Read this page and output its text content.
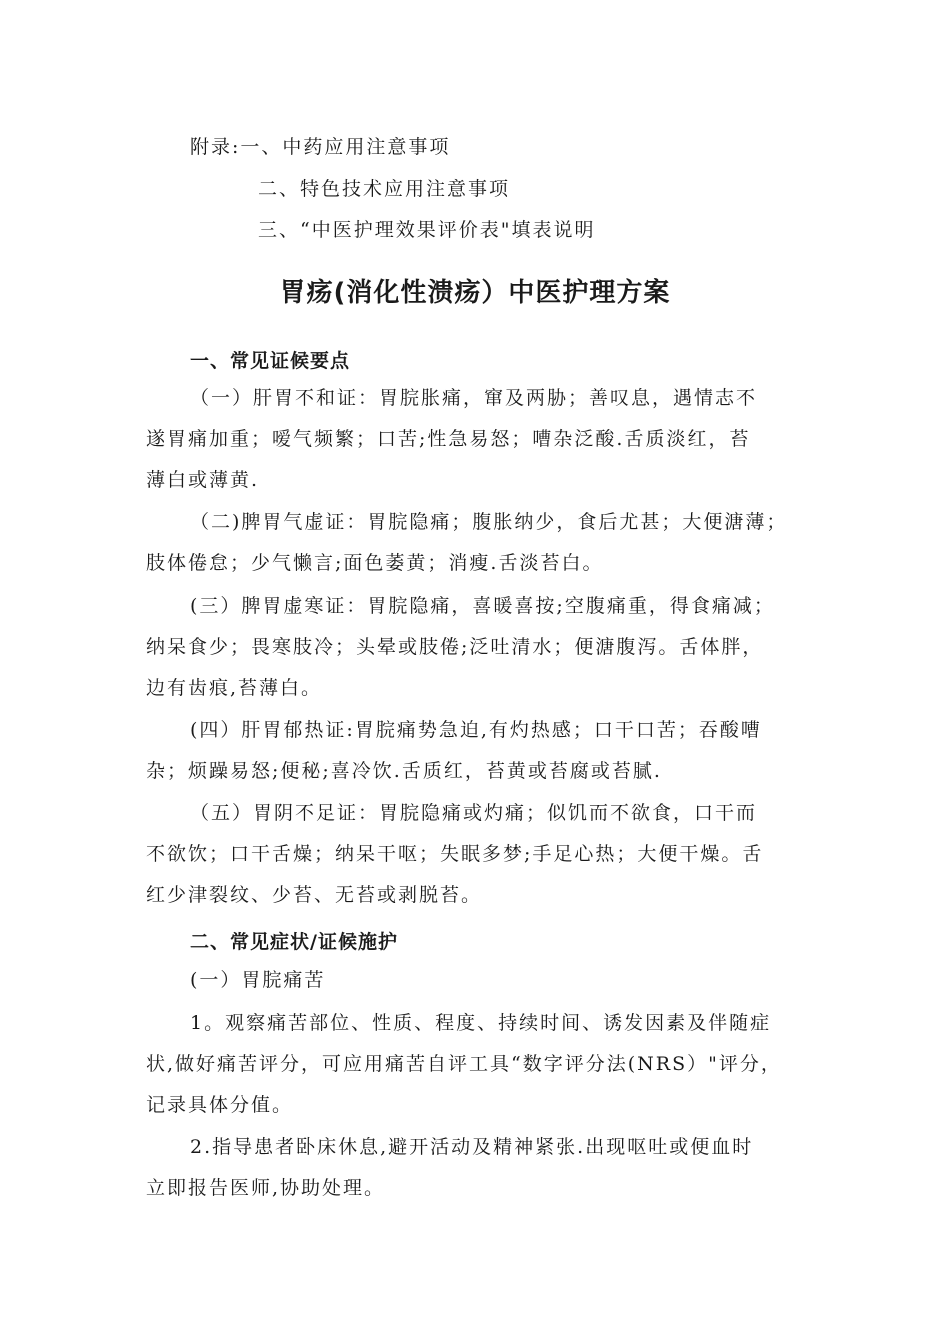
附录:一、中药应用注意事项
二、特色技术应用注意事项
三、“中医护理效果评价表"填表说明
胃疡(消化性溃疡）中医护理方案
一、常见证候要点
（一）肝胃不和证：胃脘胀痛，窜及两胁；善叹息，遇情志不
遂胃痛加重；嗳气频繁；口苦;性急易怒；嘈杂泛酸.舌质淡红，苔
薄白或薄黄.
（二)脾胃气虚证：胃脘隐痛；腹胀纳少，食后尤甚；大便溏薄；
肢体倦怠；少气懒言;面色萎黄；消瘦.舌淡苔白。
(三）脾胃虚寒证：胃脘隐痛，喜暖喜按;空腹痛重，得食痛减；
纳呆食少；畏寒肢冷；头晕或肢倦;泛吐清水；便溏腹泻。舌体胖，
边有齿痕,苔薄白。
(四）肝胃郁热证:胃脘痛势急迫,有灼热感；口干口苦；吞酸嘈
杂；烦躁易怒;便秘;喜冷饮.舌质红，苔黄或苔腐或苔腻.
（五）胃阴不足证：胃脘隐痛或灼痛；似饥而不欲食，口干而
不欲饮；口干舌燥；纳呆干呕；失眠多梦;手足心热；大便干燥。舌
红少津裂纹、少苔、无苔或剥脱苔。
二、常见症状/证候施护
(一）胃脘痛苦
1。观察痛苦部位、性质、程度、持续时间、诱发因素及伴随症
状,做好痛苦评分，可应用痛苦自评工具“数字评分法(NRS）"评分，
记录具体分值。
2.指导患者卧床休息,避开活动及精神紧张.出现呕吐或便血时
立即报告医师,协助处理。
